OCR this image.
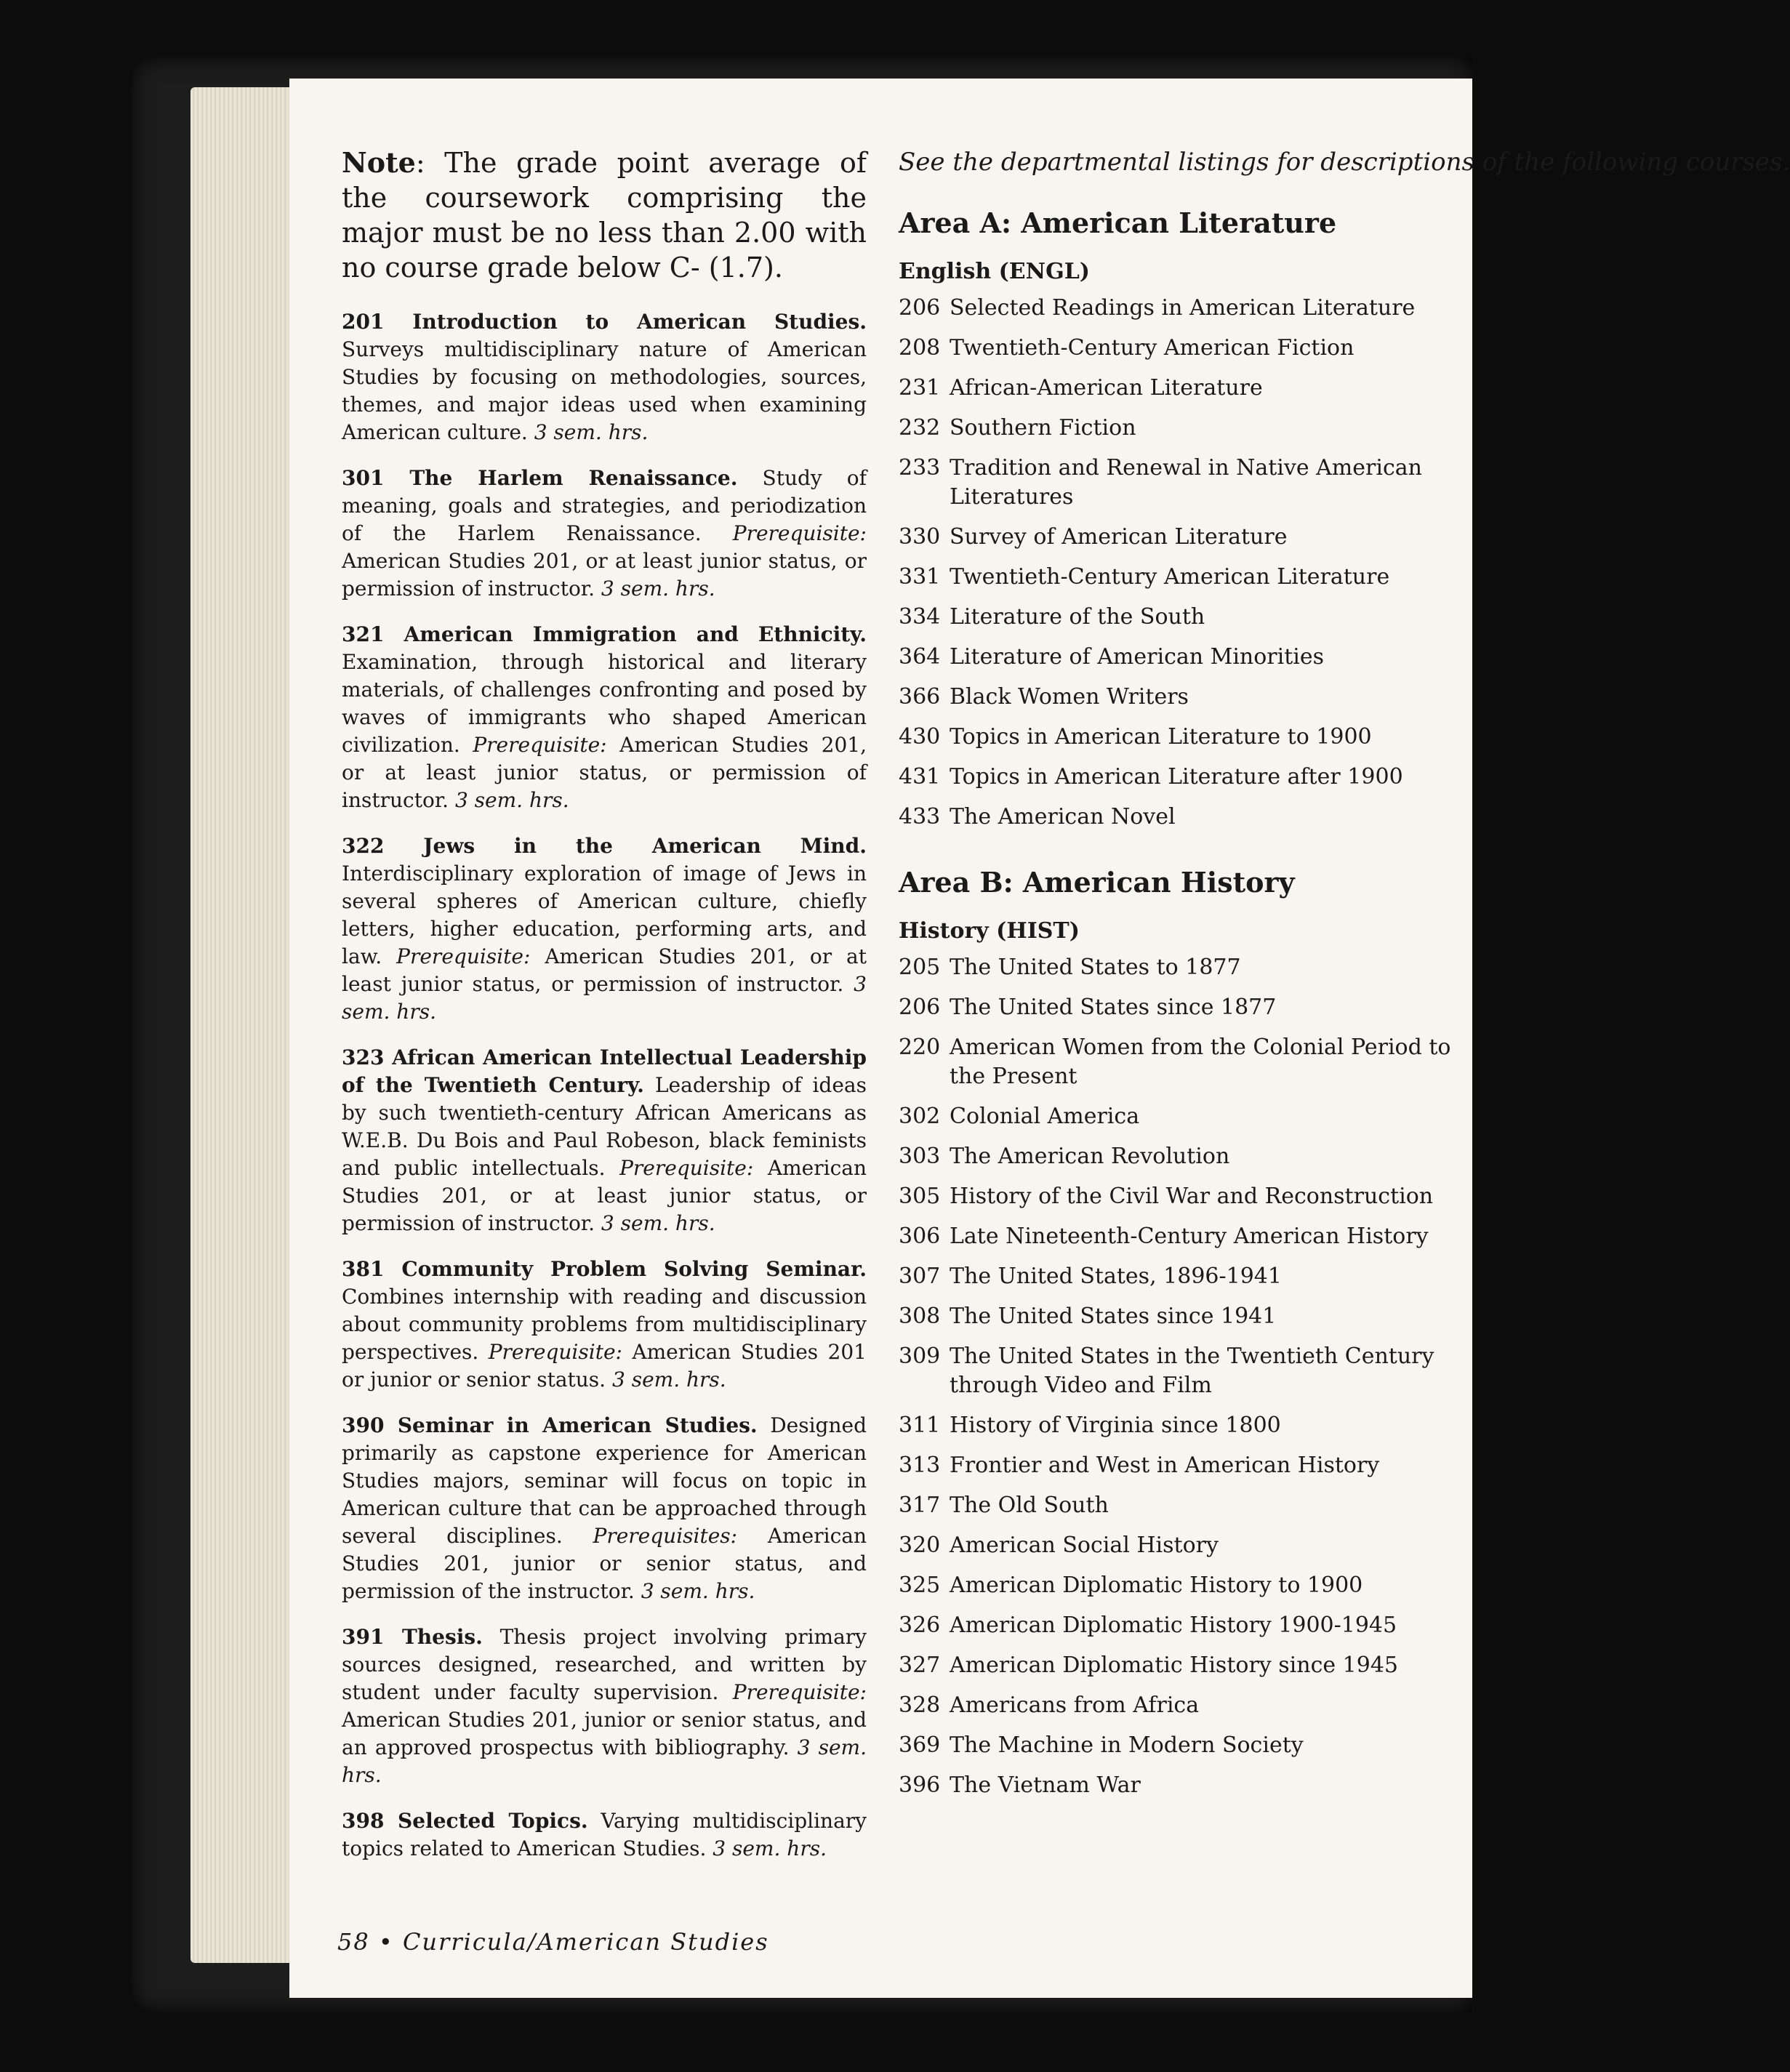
Note: The grade point average of the coursework comprising the major must be no less than 2.00 with no course grade below C- (1.7).

201 Introduction to American Studies. Surveys multidisciplinary nature of American Studies by focusing on methodologies, sources, themes, and major ideas used when examining American culture. 3 sem. hrs.

301 The Harlem Renaissance. Study of meaning, goals and strategies, and periodization of the Harlem Renaissance. Prerequisite: American Studies 201, or at least junior status, or permission of instructor. 3 sem. hrs.

321 American Immigration and Ethnicity. Examination, through historical and literary materials, of challenges confronting and posed by waves of immigrants who shaped American civilization. Prerequisite: American Studies 201, or at least junior status, or permission of instructor. 3 sem. hrs.

322 Jews in the American Mind. Interdisciplinary exploration of image of Jews in several spheres of American culture, chiefly letters, higher education, performing arts, and law. Prerequisite: American Studies 201, or at least junior status, or permission of instructor. 3 sem. hrs.

323 African American Intellectual Leadership of the Twentieth Century. Leadership of ideas by such twentieth-century African Americans as W.E.B. Du Bois and Paul Robeson, black feminists and public intellectuals. Prerequisite: American Studies 201, or at least junior status, or permission of instructor. 3 sem. hrs.

381 Community Problem Solving Seminar. Combines internship with reading and discussion about community problems from multidisciplinary perspectives. Prerequisite: American Studies 201 or junior or senior status. 3 sem. hrs.

390 Seminar in American Studies. Designed primarily as capstone experience for American Studies majors, seminar will focus on topic in American culture that can be approached through several disciplines. Prerequisites: American Studies 201, junior or senior status, and permission of the instructor. 3 sem. hrs.

391 Thesis. Thesis project involving primary sources designed, researched, and written by student under faculty supervision. Prerequisite: American Studies 201, junior or senior status, and an approved prospectus with bibliography. 3 sem. hrs.

398 Selected Topics. Varying multidisciplinary topics related to American Studies. 3 sem. hrs.

See the departmental listings for descriptions of the following courses.

Area A: American Literature
English (ENGL)
206 Selected Readings in American Literature
208 Twentieth-Century American Fiction
231 African-American Literature
232 Southern Fiction
233 Tradition and Renewal in Native American Literatures
330 Survey of American Literature
331 Twentieth-Century American Literature
334 Literature of the South
364 Literature of American Minorities
366 Black Women Writers
430 Topics in American Literature to 1900
431 Topics in American Literature after 1900
433 The American Novel
Area B: American History
History (HIST)
205 The United States to 1877
206 The United States since 1877
220 American Women from the Colonial Period to the Present
302 Colonial America
303 The American Revolution
305 History of the Civil War and Reconstruction
306 Late Nineteenth-Century American History
307 The United States, 1896-1941
308 The United States since 1941
309 The United States in the Twentieth Century through Video and Film
311 History of Virginia since 1800
313 Frontier and West in American History
317 The Old South
320 American Social History
325 American Diplomatic History to 1900
326 American Diplomatic History 1900-1945
327 American Diplomatic History since 1945
328 Americans from Africa
369 The Machine in Modern Society
396 The Vietnam War
58 • Curricula/American Studies
